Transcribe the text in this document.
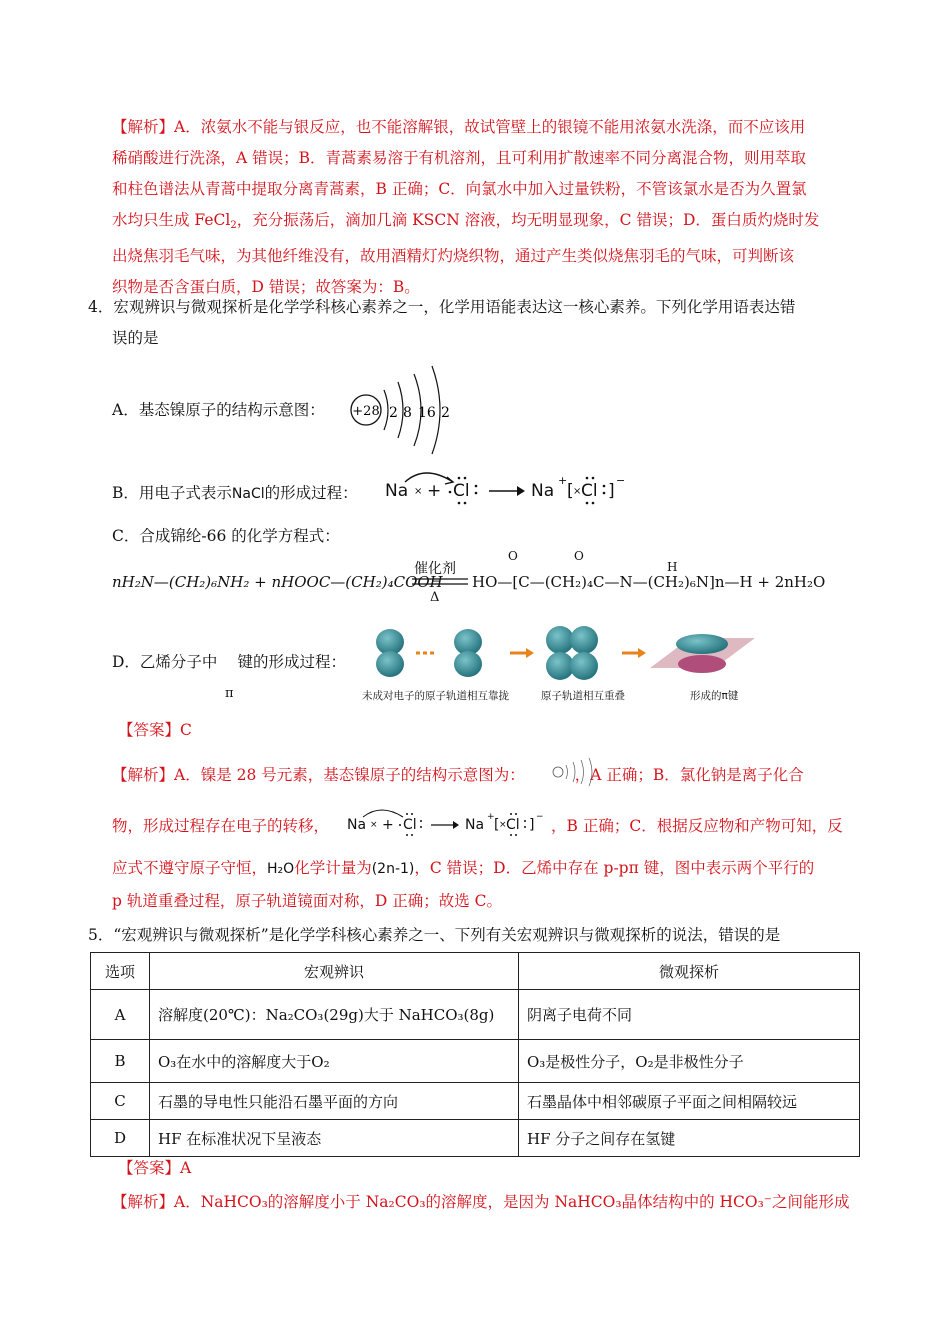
【解析】A．浓氨水不能与银反应，也不能溶解银，故试管壁上的银镜不能用浓氨水洗涤，而不应该用
稀硝酸进行洗涤，A 错误；B．青蒿素易溶于有机溶剂，且可利用扩散速率不同分离混合物，则用萃取
和柱色谱法从青蒿中提取分离青蒿素，B 正确；C．向氯水中加入过量铁粉，不管该氯水是否为久置氯
水均只生成 FeCl$_2$，充分振荡后，滴加几滴 KSCN 溶液，均无明显现象，C 错误；D．蛋白质灼烧时发
出烧焦羽毛气味，为其他纤维没有，故用酒精灯灼烧织物，通过产生类似烧焦羽毛的气味，可判断该
织物是否含蛋白质，D 错误；故答案为：B。
4．宏观辨识与微观探析是化学学科核心素养之一，化学用语能表达这一核心素养。下列化学用语表达错
误的是
A．基态镍原子的结构示意图： +28 2 8 16 2
B．用电子式表示NaCl的形成过程： Na × + Cl	Na
+
[ × Cl ]
−
C．合成锦纶-66 的化学方程式：
nH₂N—(CH₂)₆NH₂ + nHOOC—(CH₂)₄COOH
催化剂
Δ
HO—[C—(CH₂)₄C—N—(CH₂)₆N]n—H + 2nH₂O
O	O
H
D．乙烯分子中 键的形成过程：
π	未成对电子的原子轨道相互靠拢	原子轨道相互重叠	形成的π键
【答案】C
【解析】A．镍是 28 号元素，基态镍原子的结构示意图为：	，A 正确；B．氯化钠是离子化合
物，形成过程存在电子的转移，	，B 正确；C．根据反应物和产物可知，反
Na × + Cl	Na + [ × Cl ] −
应式不遵守原子守恒，H₂O化学计量为(2n-1)，C 错误；D．乙烯中存在 p-pπ 键，图中表示两个平行的
p 轨道重叠过程，原子轨道镜面对称，D 正确；故选 C。
5．“宏观辨识与微观探析”是化学学科核心素养之一、下列有关宏观辨识与微观探析的说法，错误的是
选项	宏观辨识	微观探析
A	溶解度(20℃)：Na₂CO₃(29g)大于 NaHCO₃(8g)	阴离子电荷不同
B	O₃在水中的溶解度大于O₂	O₃是极性分子，O₂是非极性分子
C	石墨的导电性只能沿石墨平面的方向	石墨晶体中相邻碳原子平面之间相隔较远
D	HF 在标准状况下呈液态	HF 分子之间存在氢键
【答案】A
【解析】A．NaHCO₃的溶解度小于 Na₂CO₃的溶解度，是因为 NaHCO₃晶体结构中的 HCO₃⁻之间能形成
